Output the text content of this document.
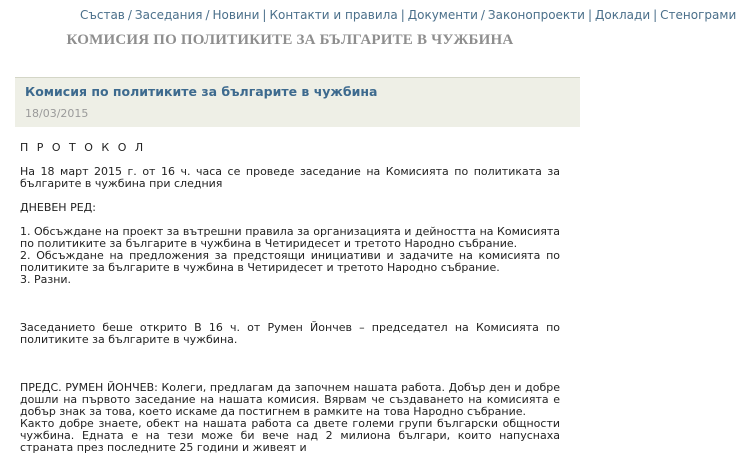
Състав / Заседания / Новини | Контакти и правила | Документи / Законопроекти | Доклади | Стенограми
КОМИСИЯ ПО ПОЛИТИКИТЕ ЗА БЪЛГАРИТЕ В ЧУЖБИНА
Комисия по политиките за българите в чужбина
18/03/2015

П Р О Т О К О Л

На 18 март 2015 г. от 16 ч. часа се проведе заседание на Комисията по политиката за българите в чужбина при следния

ДНЕВЕН РЕД:

1. Обсъждане на проект за вътрешни правила за организацията и дейността на Комисията по политиките за българите в чужбина в Четиридесет и третото Народно събрание.

2. Обсъждане на предложения за предстоящи инициативи и задачите на комисията по политиките за българите в чужбина в Четиридесет и третото Народно събрание.

3. Разни.

Заседанието беше открито В 16 ч. от Румен Йончев – председател на Комисията по политиките за българите в чужбина.

ПРЕДС. РУМЕН ЙОНЧЕВ: Колеги, предлагам да започнем нашата работа. Добър ден и добре дошли на първото заседание на нашата комисия. Вярвам че създаването на комисията е добър знак за това, което искаме да постигнем в рамките на това Народно събрание.

Както добре знаете, обект на нашата работа са двете големи групи български общности чужбина. Едната е на тези може би вече над 2 милиона българи, които напуснаха страната през последните 25 години и живеят и
